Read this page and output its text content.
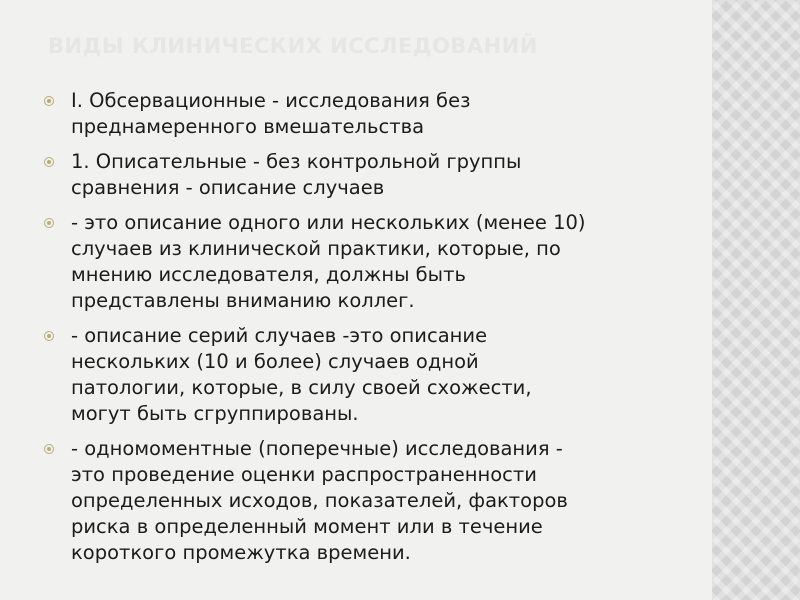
ВИДЫ КЛИНИЧЕСКИХ ИССЛЕДОВАНИЙ
I. Обсервационные - исследования без
преднамеренного вмешательства
1. Описательные - без контрольной группы
сравнения - описание случаев
- это описание одного или нескольких (менее 10)
случаев из клинической практики, которые, по
мнению исследователя, должны быть
представлены вниманию коллег.
- описание серий случаев -это описание
нескольких (10 и более) случаев одной
патологии, которые, в силу своей схожести,
могут быть сгруппированы.
- одномоментные (поперечные) исследования -
это проведение оценки распространенности
определенных исходов, показателей, факторов
риска в определенный момент или в течение
короткого промежутка времени.
